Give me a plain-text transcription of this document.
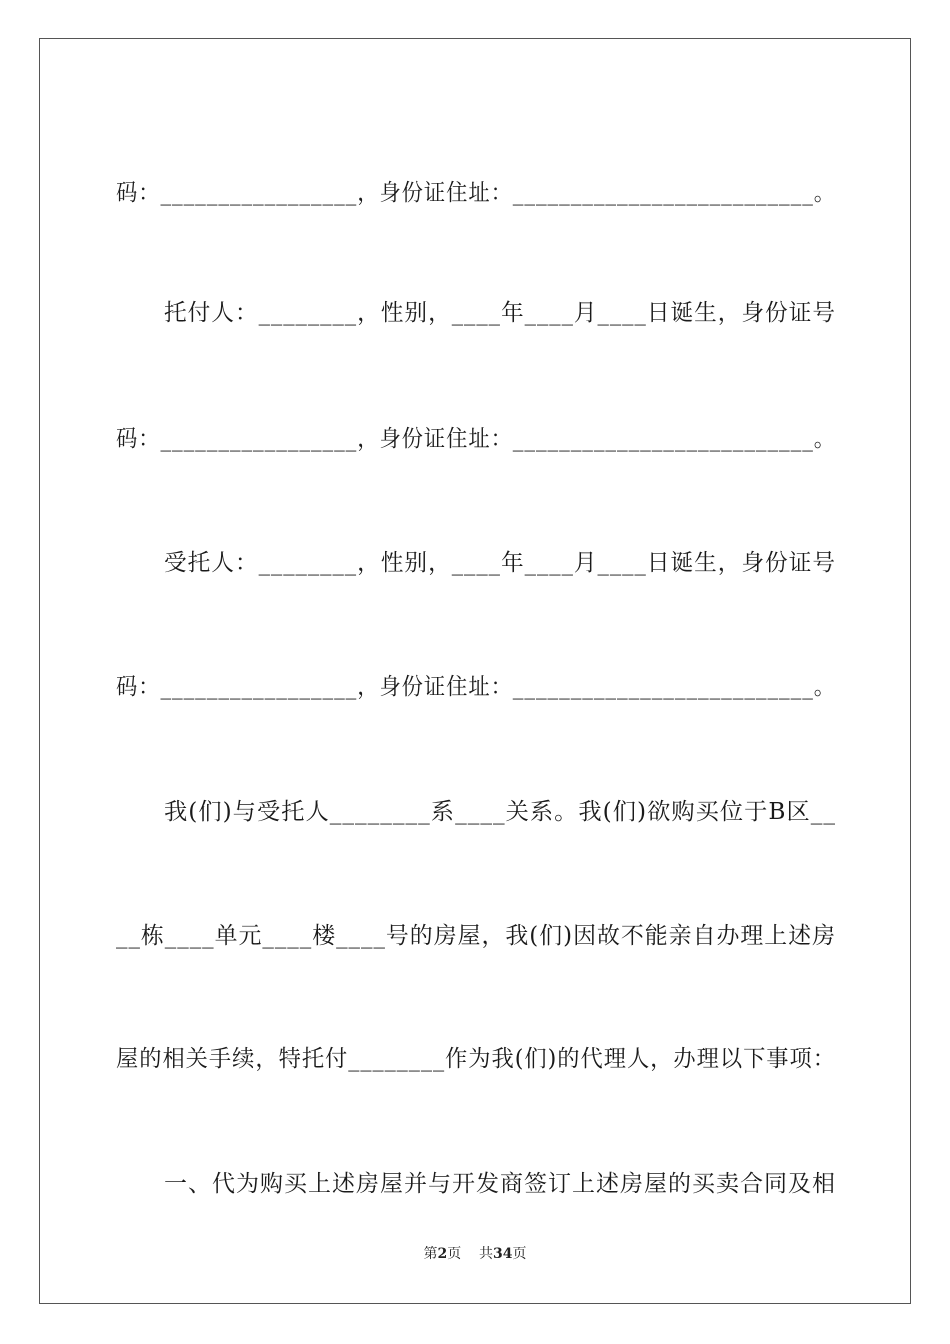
码：_________________，身份证住址：__________________________。

托付人：________，性别，____年____月____日诞生，身份证号

码：_________________，身份证住址：__________________________。

受托人：________，性别，____年____月____日诞生，身份证号

码：_________________，身份证住址：__________________________。

我(们)与受托人________系____关系。我(们)欲购买位于B区__

__栋____单元____楼____号的房屋，我(们)因故不能亲自办理上述房

屋的相关手续，特托付________作为我(们)的代理人，办理以下事项：

一、代为购买上述房屋并与开发商签订上述房屋的买卖合同及相

第2页 共34页
